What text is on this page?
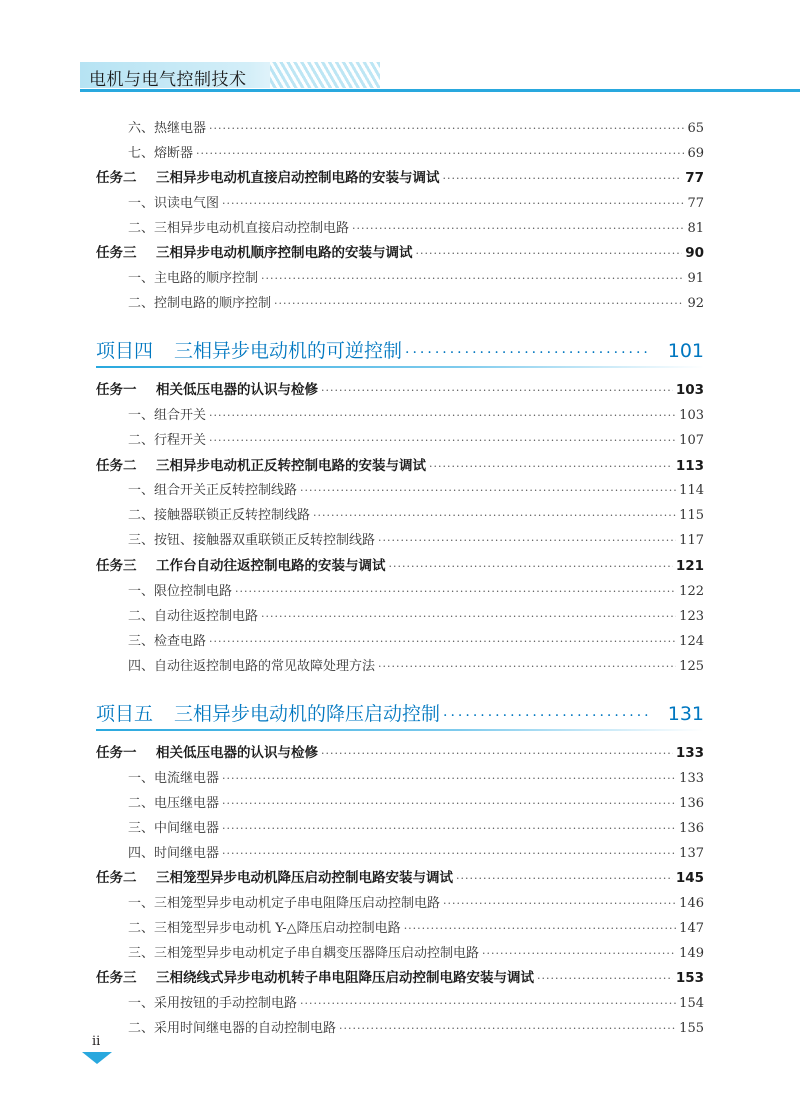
电机与电气控制技术
六、热继电器 ·····	65
七、熔断器 ·····	69
任务二 三相异步电动机直接启动控制电路的安装与调试 ·····	77
一、识读电气图 ·····	77
二、三相异步电动机直接启动控制电路 ·····	81
任务三 三相异步电动机顺序控制电路的安装与调试 ·····	90
一、主电路的顺序控制 ·····	91
二、控制电路的顺序控制 ·····	92
项目四 三相异步电动机的可逆控制 ·····	101
任务一 相关低压电器的认识与检修 ·····	103
一、组合开关 ·····	103
二、行程开关 ·····	107
任务二 三相异步电动机正反转控制电路的安装与调试 ·····	113
一、组合开关正反转控制线路 ·····	114
二、接触器联锁正反转控制线路 ·····	115
三、按钮、接触器双重联锁正反转控制线路 ·····	117
任务三 工作台自动往返控制电路的安装与调试 ·····	121
一、限位控制电路 ·····	122
二、自动往返控制电路 ·····	123
三、检查电路 ·····	124
四、自动往返控制电路的常见故障处理方法 ·····	125
项目五 三相异步电动机的降压启动控制 ·····	131
任务一 相关低压电器的认识与检修 ·····	133
一、电流继电器 ·····	133
二、电压继电器 ·····	136
三、中间继电器 ·····	136
四、时间继电器 ·····	137
任务二 三相笼型异步电动机降压启动控制电路安装与调试 ·····	145
一、三相笼型异步电动机定子串电阻降压启动控制电路 ·····	146
二、三相笼型异步电动机 Y-△降压启动控制电路 ·····	147
三、三相笼型异步电动机定子串自耦变压器降压启动控制电路 ·····	149
任务三 三相绕线式异步电动机转子串电阻降压启动控制电路安装与调试 ·····	153
一、采用按钮的手动控制电路 ·····	154
二、采用时间继电器的自动控制电路 ·····	155
ii
